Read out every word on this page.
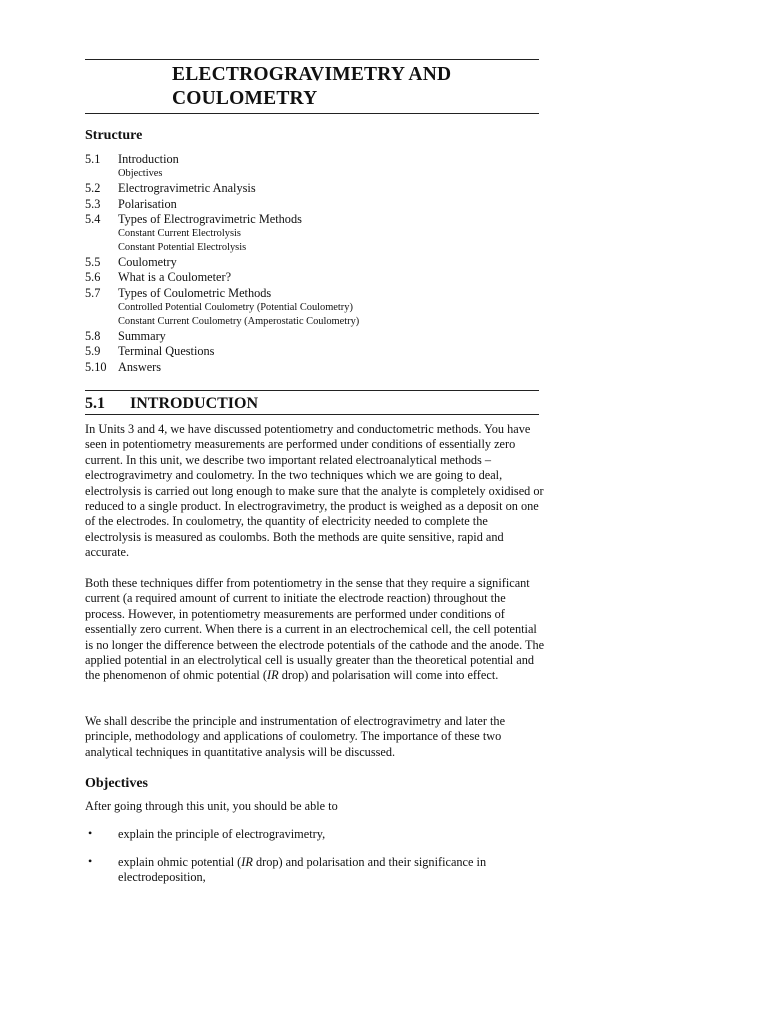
ELECTROGRAVIMETRY AND
COULOMETRY
Structure
5.1 Introduction
Objectives
5.2 Electrogravimetric Analysis
5.3 Polarisation
5.4 Types of Electrogravimetric Methods
Constant Current Electrolysis
Constant Potential Electrolysis
5.5 Coulometry
5.6 What is a Coulometer?
5.7 Types of Coulometric Methods
Controlled Potential Coulometry (Potential Coulometry)
Constant Current Coulometry (Amperostatic Coulometry)
5.8 Summary
5.9 Terminal Questions
5.10 Answers
5.1 INTRODUCTION
In Units 3 and 4, we have discussed potentiometry and conductometric methods. You have seen in potentiometry measurements are performed under conditions of essentially zero current. In this unit, we describe two important related electroanalytical methods – electrogravimetry and coulometry. In the two techniques which we are going to deal, electrolysis is carried out long enough to make sure that the analyte is completely oxidised or reduced to a single product. In electrogravimetry, the product is weighed as a deposit on one of the electrodes. In coulometry, the quantity of electricity needed to complete the electrolysis is measured as coulombs. Both the methods are quite sensitive, rapid and accurate.
Both these techniques differ from potentiometry in the sense that they require a significant current (a required amount of current to initiate the electrode reaction) throughout the process. However, in potentiometry measurements are performed under conditions of essentially zero current. When there is a current in an electrochemical cell, the cell potential is no longer the difference between the electrode potentials of the cathode and the anode. The applied potential in an electrolytical cell is usually greater than the theoretical potential and the phenomenon of ohmic potential (IR drop) and polarisation will come into effect.
We shall describe the principle and instrumentation of electrogravimetry and later the principle, methodology and applications of coulometry. The importance of these two analytical techniques in quantitative analysis will be discussed.
Objectives
After going through this unit, you should be able to
• explain the principle of electrogravimetry,
• explain ohmic potential (IR drop) and polarisation and their significance in electrodeposition,
